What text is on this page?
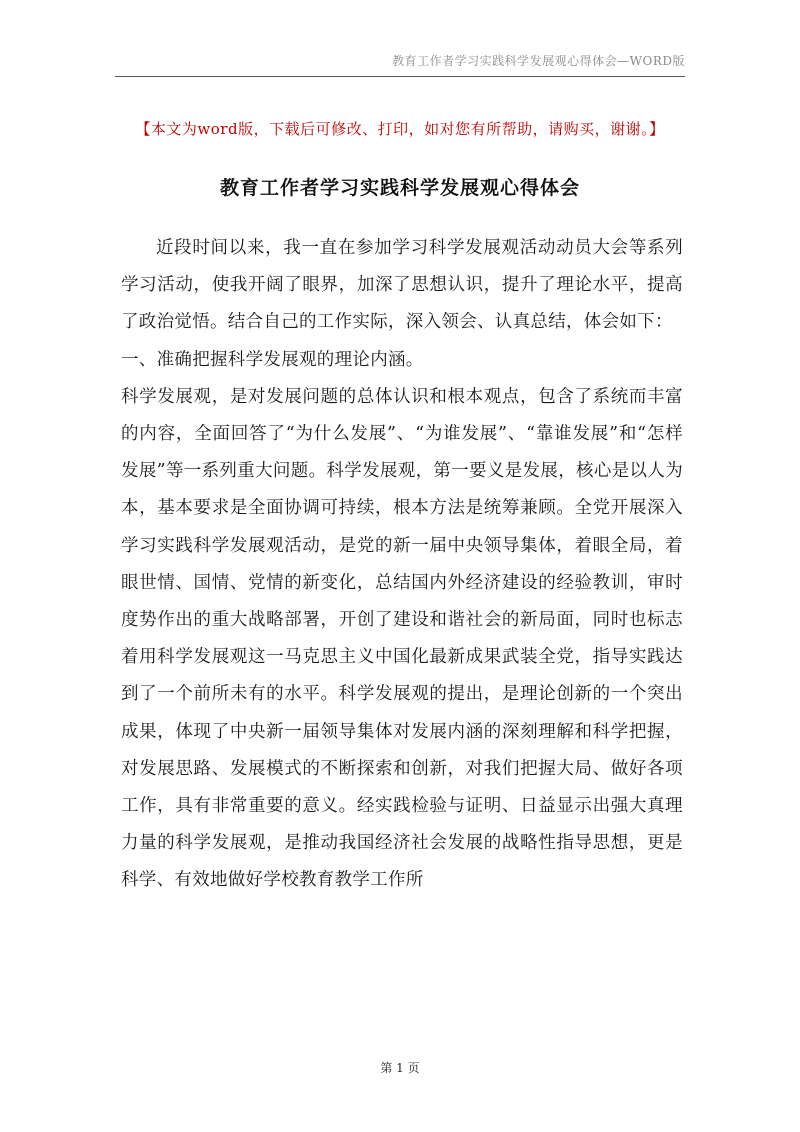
教育工作者学习实践科学发展观心得体会—WORD版
【本文为word版，下载后可修改、打印，如对您有所帮助，请购买，谢谢。】
教育工作者学习实践科学发展观心得体会

近段时间以来，我一直在参加学习科学发展观活动动员大会等系列学习活动，使我开阔了眼界，加深了思想认识，提升了理论水平，提高了政治觉悟。结合自己的工作实际，深入领会、认真总结，体会如下：

一、准确把握科学发展观的理论内涵。

科学发展观，是对发展问题的总体认识和根本观点，包含了系统而丰富的内容，全面回答了“为什么发展”、“为谁发展”、“靠谁发展”和“怎样发展”等一系列重大问题。科学发展观，第一要义是发展，核心是以人为本，基本要求是全面协调可持续，根本方法是统筹兼顾。全党开展深入学习实践科学发展观活动，是党的新一届中央领导集体，着眼全局，着眼世情、国情、党情的新变化，总结国内外经济建设的经验教训，审时度势作出的重大战略部署，开创了建设和谐社会的新局面，同时也标志着用科学发展观这一马克思主义中国化最新成果武装全党，指导实践达到了一个前所未有的水平。科学发展观的提出，是理论创新的一个突出成果，体现了中央新一届领导集体对发展内涵的深刻理解和科学把握，对发展思路、发展模式的不断探索和创新，对我们把握大局、做好各项工作，具有非常重要的意义。经实践检验与证明、日益显示出强大真理力量的科学发展观，是推动我国经济社会发展的战略性指导思想，更是科学、有效地做好学校教育教学工作所

第 1 页
